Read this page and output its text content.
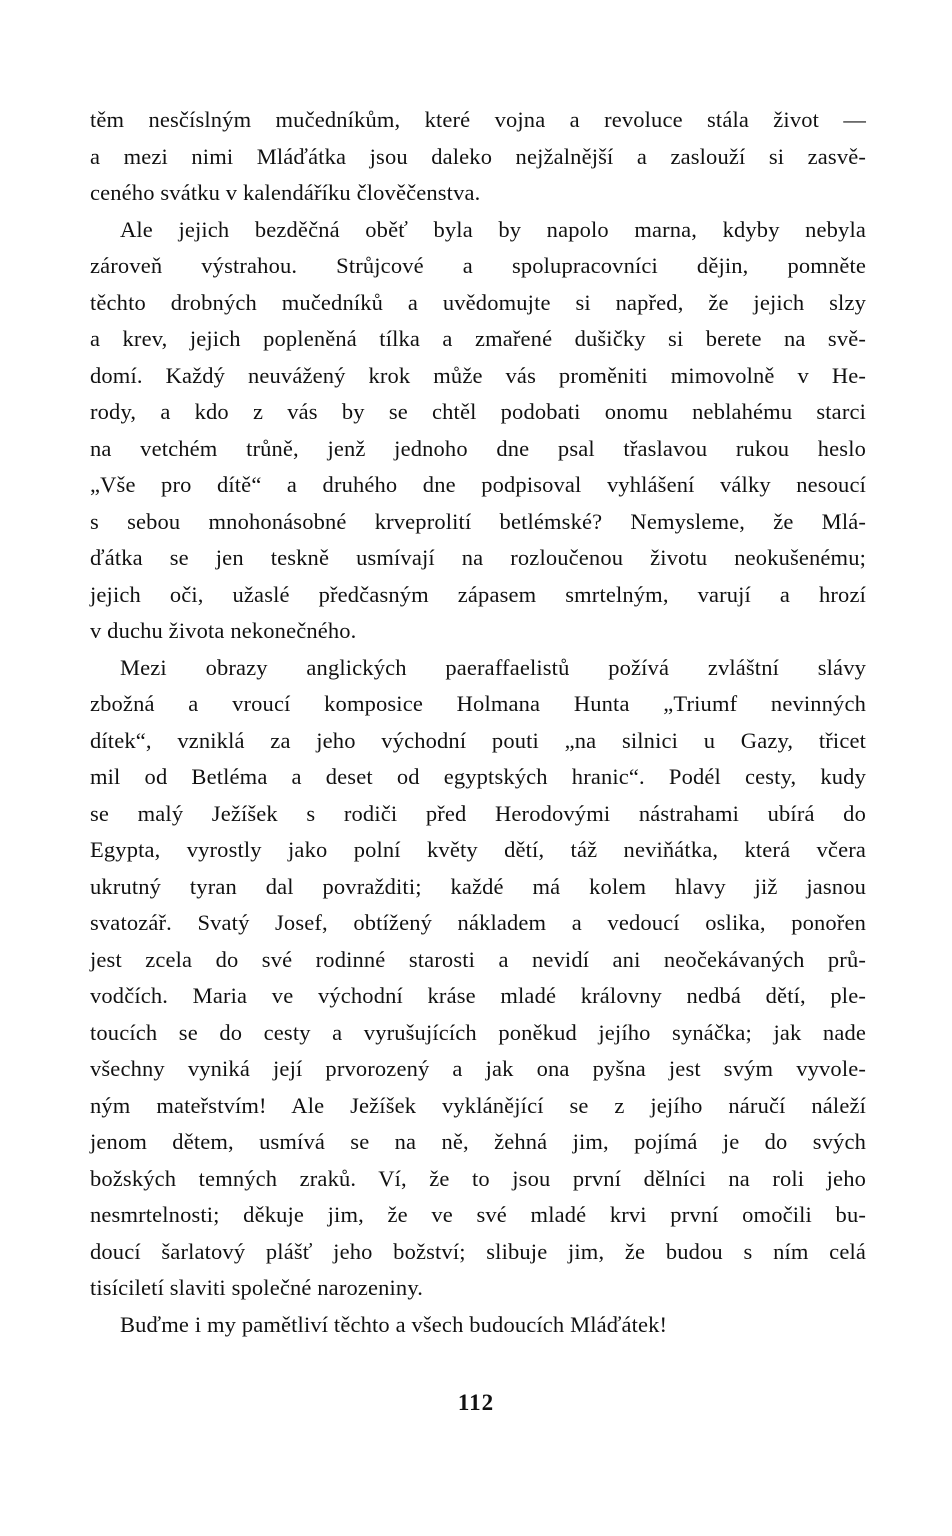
těm nesčíslným mučedníkům, které vojna a revoluce stála život —
a mezi nimi Mláďátka jsou daleko nejžalnější a zaslouží si zasvě-
ceného svátku v kalendáříku člověčenstva.
Ale jejich bezděčná oběť byla by napolo marna, kdyby nebyla
zároveň výstrahou. Strůjcové a spolupracovníci dějin, pomněte
těchto drobných mučedníků a uvědomujte si napřed, že jejich slzy
a krev, jejich popleněná tílka a zmařené dušičky si berete na svě-
domí. Každý neuvážený krok může vás proměniti mimovolně v He-
rody, a kdo z vás by se chtěl podobati onomu neblahému starci
na vetchém trůně, jenž jednoho dne psal třaslavou rukou heslo
„Vše pro dítě“ a druhého dne podpisoval vyhlášení války nesoucí
s sebou mnohonásobné krveprolití betlémské? Nemysleme, že Mlá-
ďátka se jen teskně usmívají na rozloučenou životu neokušenému;
jejich oči, užaslé předčasným zápasem smrtelným, varují a hrozí
v duchu života nekonečného.
Mezi obrazy anglických paeraffaelistů požívá zvláštní slávy
zbožná a vroucí komposice Holmana Hunta „Triumf nevinných
dítek“, vzniklá za jeho východní pouti „na silnici u Gazy, třicet
mil od Betléma a deset od egyptských hranic“. Podél cesty, kudy
se malý Ježíšek s rodiči před Herodovými nástrahami ubírá do
Egypta, vyrostly jako polní květy dětí, táž neviňátka, která včera
ukrutný tyran dal povražditi; každé má kolem hlavy již jasnou
svatozář. Svatý Josef, obtížený nákladem a vedoucí oslika, ponořen
jest zcela do své rodinné starosti a nevidí ani neočekávaných prů-
vodčích. Maria ve východní kráse mladé královny nedbá dětí, ple-
toucích se do cesty a vyrušujících poněkud jejího synáčka; jak nade
všechny vyniká její prvorozený a jak ona pyšna jest svým vyvole-
ným mateřstvím! Ale Ježíšek vyklánějící se z jejího náručí náleží
jenom dětem, usmívá se na ně, žehná jim, pojímá je do svých
božských temných zraků. Ví, že to jsou první dělníci na roli jeho
nesmrtelnosti; děkuje jim, že ve své mladé krvi první omočili bu-
doucí šarlatový plášť jeho božství; slibuje jim, že budou s ním celá
tisíciletí slaviti společné narozeniny.
Buďme i my pamětliví těchto a všech budoucích Mláďátek!
112
